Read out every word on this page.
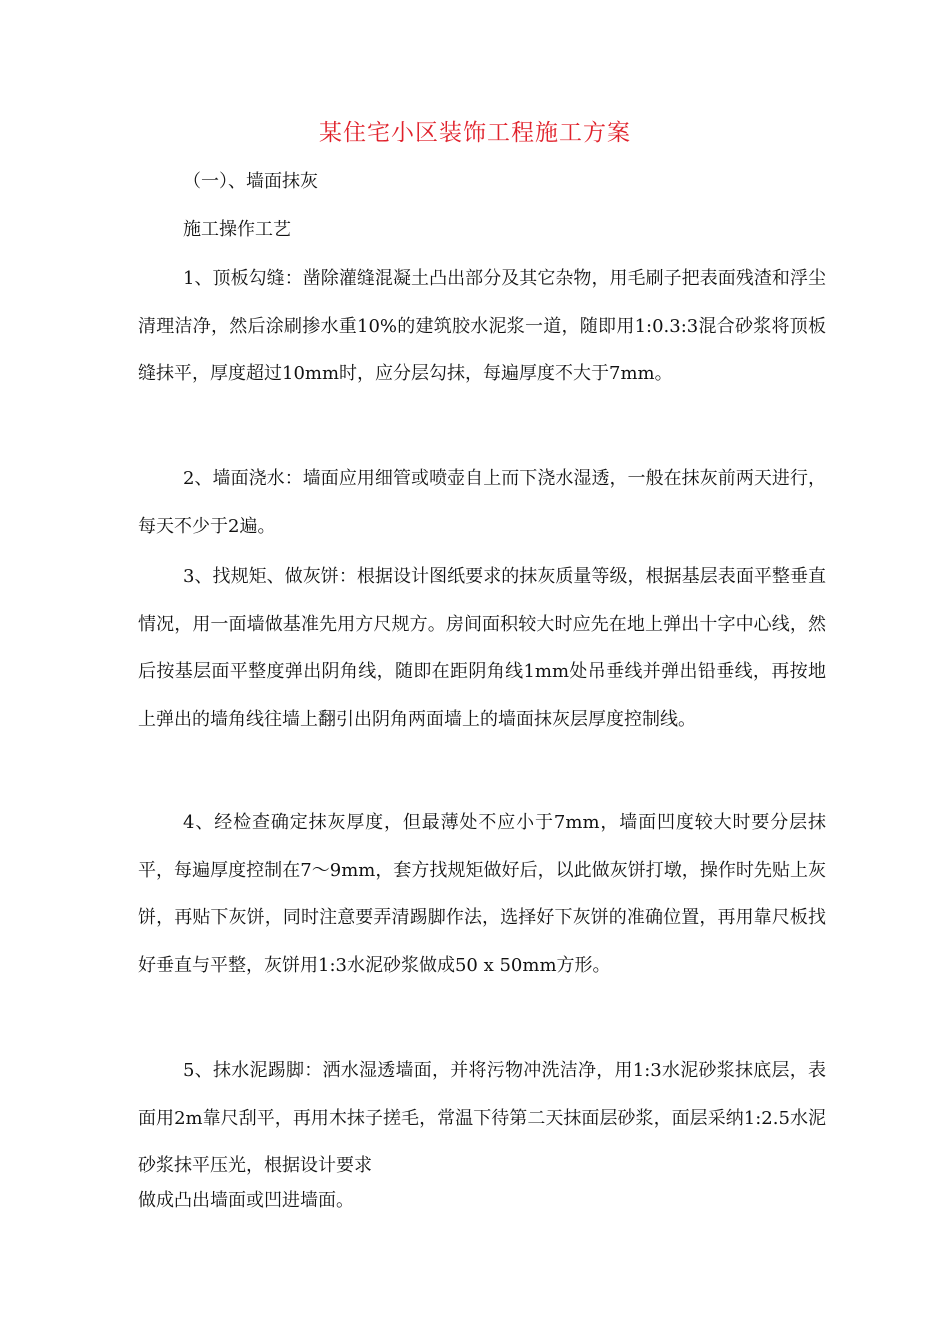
某住宅小区装饰工程施工方案
（一）、墙面抹灰
施工操作工艺

1、顶板勾缝：凿除灌缝混凝土凸出部分及其它杂物，用毛刷子把表面残渣和浮尘清理洁净，然后涂刷掺水重10%的建筑胶水泥浆一道，随即用1:0.3:3混合砂浆将顶板缝抹平，厚度超过10mm时，应分层勾抹，每遍厚度不大于7mm。

2、墙面浇水：墙面应用细管或喷壶自上而下浇水湿透，一般在抹灰前两天进行，每天不少于2遍。

3、找规矩、做灰饼：根据设计图纸要求的抹灰质量等级，根据基层表面平整垂直情况，用一面墙做基准先用方尺规方。房间面积较大时应先在地上弹出十字中心线，然后按基层面平整度弹出阴角线，随即在距阴角线1mm处吊垂线并弹出铅垂线，再按地上弹出的墙角线往墙上翻引出阴角两面墙上的墙面抹灰层厚度控制线。

4、经检查确定抹灰厚度，但最薄处不应小于7mm，墙面凹度较大时要分层抹平，每遍厚度控制在7〜9mm，套方找规矩做好后，以此做灰饼打墩，操作时先贴上灰饼，再贴下灰饼，同时注意要弄清踢脚作法，选择好下灰饼的准确位置，再用靠尺板找好垂直与平整，灰饼用1:3水泥砂浆做成50 x 50mm方形。

5、抹水泥踢脚：洒水湿透墙面，并将污物冲洗洁净，用1:3水泥砂浆抹底层，表面用2m靠尺刮平，再用木抹子搓毛，常温下待第二天抹面层砂浆，面层采纳1:2.5水泥砂浆抹平压光，根据设计要求

做成凸出墙面或凹进墙面。
